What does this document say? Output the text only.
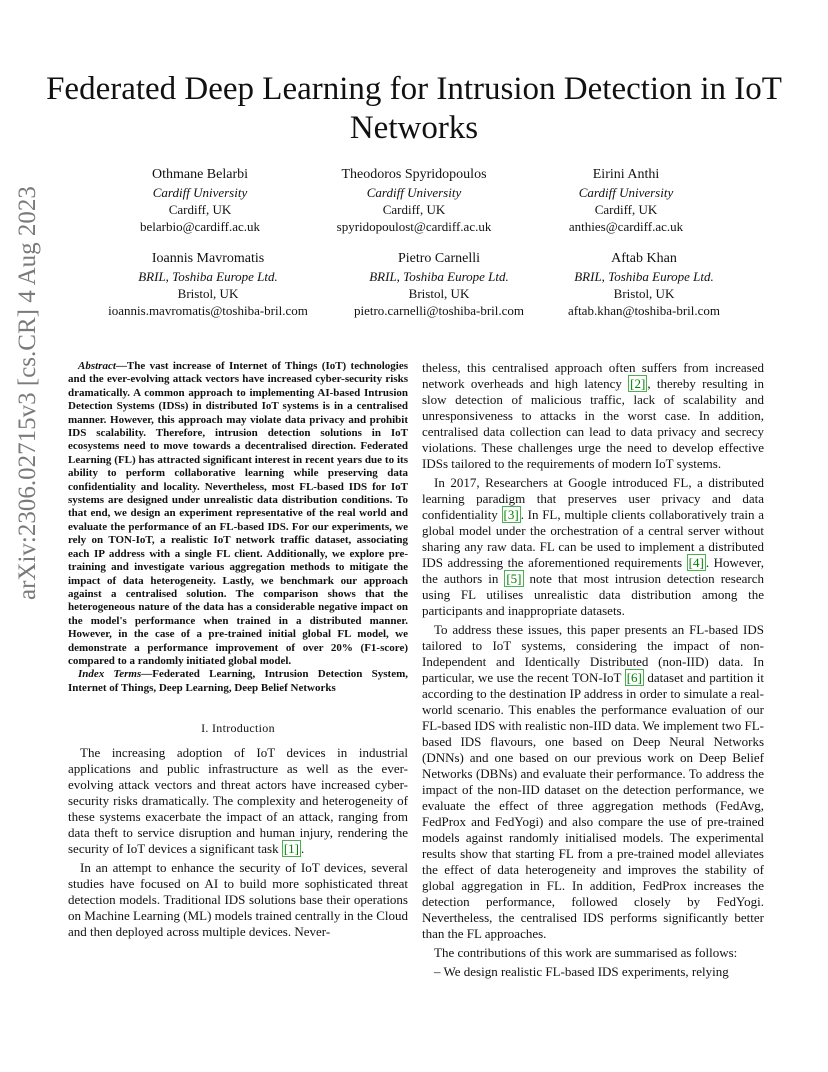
arXiv:2306.02715v3 [cs.CR] 4 Aug 2023
Federated Deep Learning for Intrusion Detection in IoT Networks
Othmane Belarbi
Cardiff University
Cardiff, UK
belarbio@cardiff.ac.uk
Theodoros Spyridopoulos
Cardiff University
Cardiff, UK
spyridopoulost@cardiff.ac.uk
Eirini Anthi
Cardiff University
Cardiff, UK
anthies@cardiff.ac.uk
Ioannis Mavromatis
BRIL, Toshiba Europe Ltd.
Bristol, UK
ioannis.mavromatis@toshiba-bril.com
Pietro Carnelli
BRIL, Toshiba Europe Ltd.
Bristol, UK
pietro.carnelli@toshiba-bril.com
Aftab Khan
BRIL, Toshiba Europe Ltd.
Bristol, UK
aftab.khan@toshiba-bril.com

Abstract—The vast increase of Internet of Things (IoT) technologies and the ever-evolving attack vectors have increased cyber-security risks dramatically. A common approach to implementing AI-based Intrusion Detection Systems (IDSs) in distributed IoT systems is in a centralised manner. However, this approach may violate data privacy and prohibit IDS scalability. Therefore, intrusion detection solutions in IoT ecosystems need to move towards a decentralised direction. Federated Learning (FL) has attracted significant interest in recent years due to its ability to perform collaborative learning while preserving data confidentiality and locality. Nevertheless, most FL-based IDS for IoT systems are designed under unrealistic data distribution conditions. To that end, we design an experiment representative of the real world and evaluate the performance of an FL-based IDS. For our experiments, we rely on TON-IoT, a realistic IoT network traffic dataset, associating each IP address with a single FL client. Additionally, we explore pre-training and investigate various aggregation methods to mitigate the impact of data heterogeneity. Lastly, we benchmark our approach against a centralised solution. The comparison shows that the heterogeneous nature of the data has a considerable negative impact on the model's performance when trained in a distributed manner. However, in the case of a pre-trained initial global FL model, we demonstrate a performance improvement of over 20% (F1-score) compared to a randomly initiated global model.

Index Terms—Federated Learning, Intrusion Detection System, Internet of Things, Deep Learning, Deep Belief Networks

I. Introduction

The increasing adoption of IoT devices in industrial applications and public infrastructure as well as the ever-evolving attack vectors and threat actors have increased cyber-security risks dramatically. The complexity and heterogeneity of these systems exacerbate the impact of an attack, ranging from data theft to service disruption and human injury, rendering the security of IoT devices a significant task [1] .

In an attempt to enhance the security of IoT devices, several studies have focused on AI to build more sophisticated threat detection models. Traditional IDS solutions base their operations on Machine Learning (ML) models trained centrally in the Cloud and then deployed across multiple devices. Never-

theless, this centralised approach often suffers from increased network overheads and high latency [2] , thereby resulting in slow detection of malicious traffic, lack of scalability and unresponsiveness to attacks in the worst case. In addition, centralised data collection can lead to data privacy and secrecy violations. These challenges urge the need to develop effective IDSs tailored to the requirements of modern IoT systems.

In 2017, Researchers at Google introduced FL, a distributed learning paradigm that preserves user privacy and data confidentiality [3] . In FL, multiple clients collaboratively train a global model under the orchestration of a central server without sharing any raw data. FL can be used to implement a distributed IDS addressing the aforementioned requirements [4] . However, the authors in [5] note that most intrusion detection research using FL utilises unrealistic data distribution among the participants and inappropriate datasets.

To address these issues, this paper presents an FL-based IDS tailored to IoT systems, considering the impact of non-Independent and Identically Distributed (non-IID) data. In particular, we use the recent TON-IoT [6] dataset and partition it according to the destination IP address in order to simulate a real-world scenario. This enables the performance evaluation of our FL-based IDS with realistic non-IID data. We implement two FL-based IDS flavours, one based on Deep Neural Networks (DNNs) and one based on our previous work on Deep Belief Networks (DBNs) and evaluate their performance. To address the impact of the non-IID dataset on the detection performance, we evaluate the effect of three aggregation methods (FedAvg, FedProx and FedYogi) and also compare the use of pre-trained models against randomly initialised models. The experimental results show that starting FL from a pre-trained model alleviates the effect of data heterogeneity and improves the stability of global aggregation in FL. In addition, FedProx increases the detection performance, followed closely by FedYogi. Nevertheless, the centralised IDS performs significantly better than the FL approaches.

The contributions of this work are summarised as follows:

– We design realistic FL-based IDS experiments, relying
